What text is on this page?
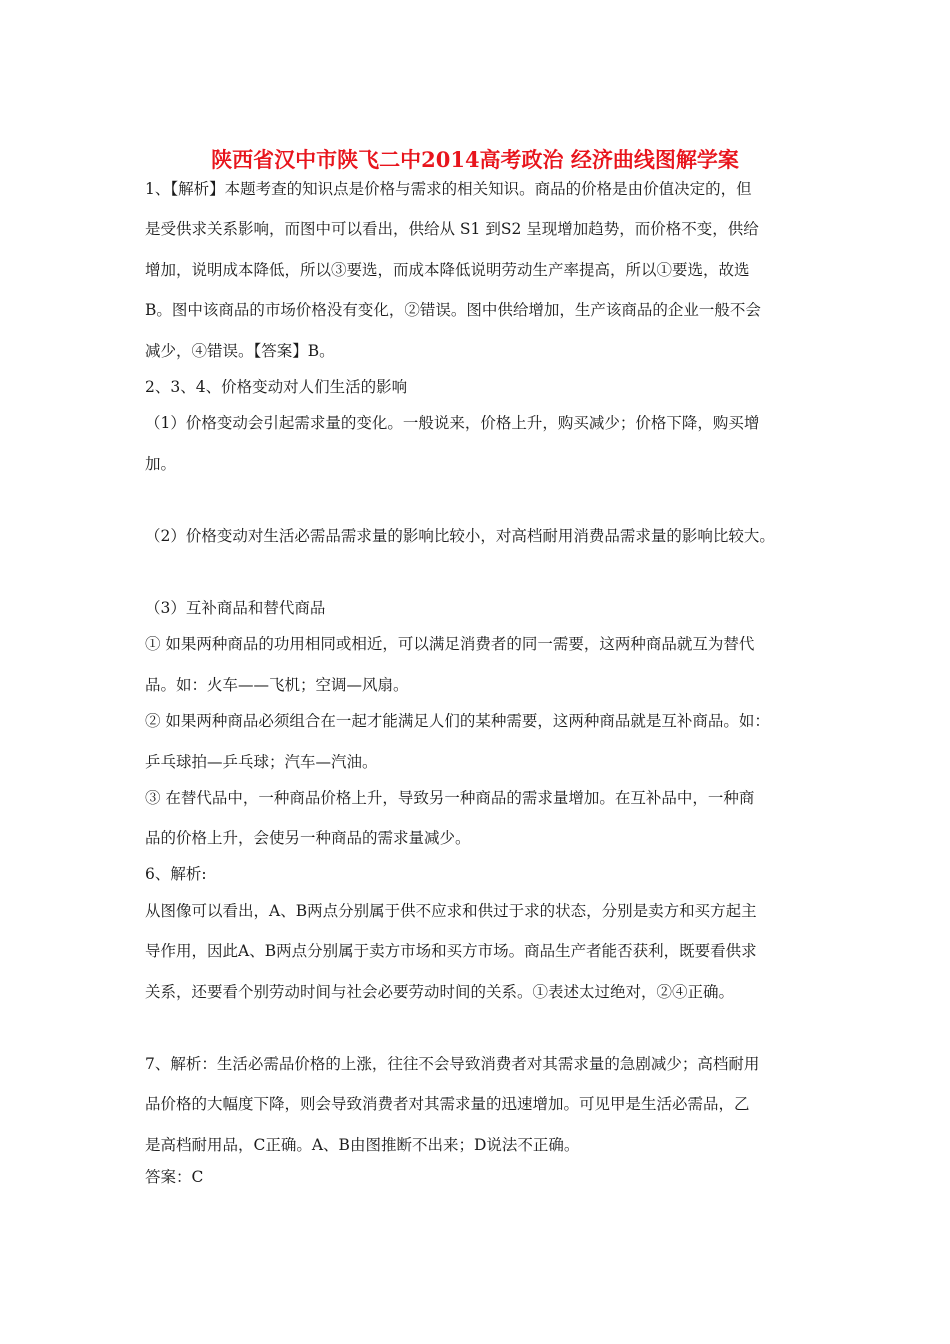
陕西省汉中市陕飞二中2014高考政治 经济曲线图解学案
1、【解析】本题考查的知识点是价格与需求的相关知识。商品的价格是由价值决定的，但
是受供求关系影响，而图中可以看出，供给从 S1 到S2 呈现增加趋势，而价格不变，供给
增加，说明成本降低，所以③要选，而成本降低说明劳动生产率提高，所以①要选，故选
B。图中该商品的市场价格没有变化，②错误。图中供给增加，生产该商品的企业一般不会
减少，④错误。【答案】B。
2、3、4、价格变动对人们生活的影响
（1）价格变动会引起需求量的变化。一般说来，价格上升，购买减少；价格下降，购买增
加。
（2）价格变动对生活必需品需求量的影响比较小，对高档耐用消费品需求量的影响比较大。
（3）互补商品和替代商品
① 如果两种商品的功用相同或相近，可以满足消费者的同一需要，这两种商品就互为替代
品。如：火车——飞机；空调—风扇。
② 如果两种商品必须组合在一起才能满足人们的某种需要，这两种商品就是互补商品。如：
乒乓球拍—乒乓球；汽车—汽油。
③ 在替代品中，一种商品价格上升，导致另一种商品的需求量增加。在互补品中，一种商
品的价格上升，会使另一种商品的需求量减少。
6、解析:
从图像可以看出，A、B两点分别属于供不应求和供过于求的状态，分别是卖方和买方起主
导作用，因此A、B两点分别属于卖方市场和买方市场。商品生产者能否获利，既要看供求
关系，还要看个别劳动时间与社会必要劳动时间的关系。①表述太过绝对，②④正确。
7、解析：生活必需品价格的上涨，往往不会导致消费者对其需求量的急剧减少；高档耐用
品价格的大幅度下降，则会导致消费者对其需求量的迅速增加。可见甲是生活必需品，乙
是高档耐用品，C正确。A、B由图推断不出来；D说法不正确。
答案：C
